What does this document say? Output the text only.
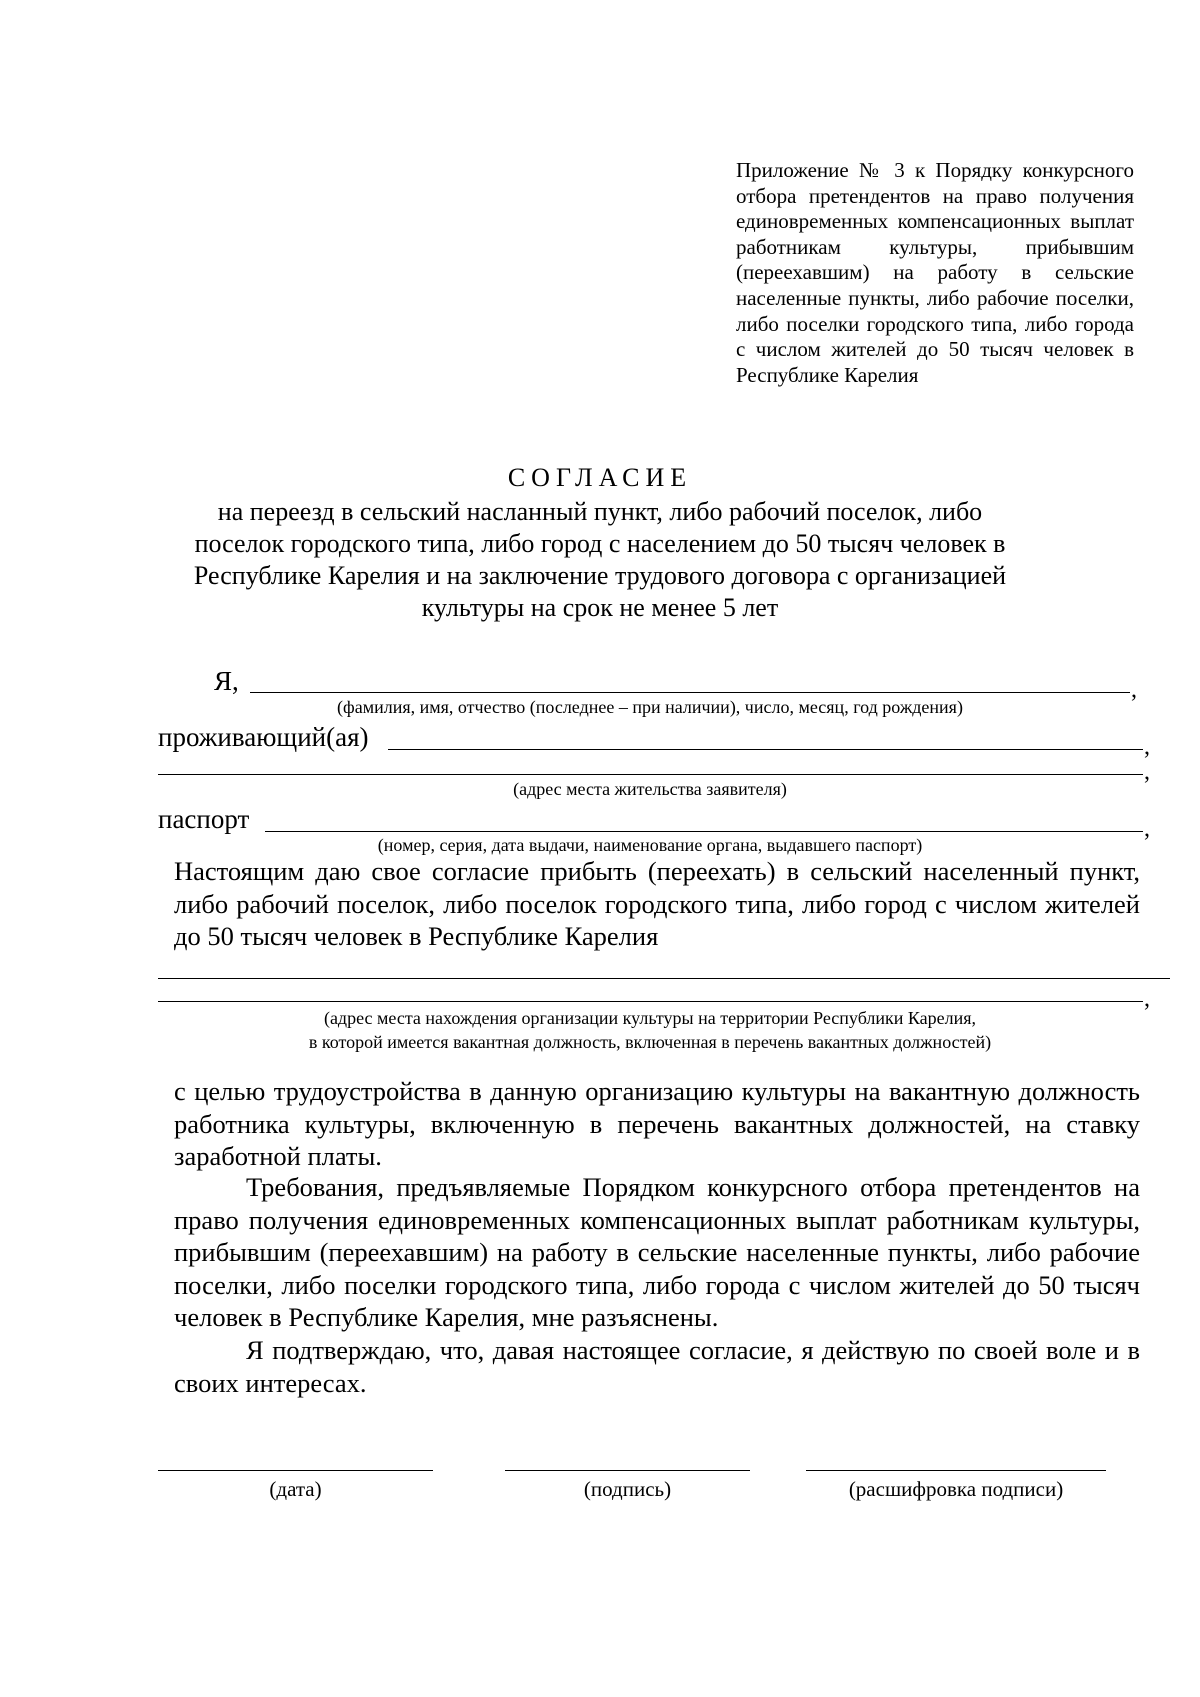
Приложение № 3 к Порядку конкурсного отбора претендентов на право получения единовременных компенсационных выплат работникам культуры, прибывшим (переехавшим) на работу в сельские населенные пункты, либо рабочие поселки, либо поселки городского типа, либо города с числом жителей до 50 тысяч человек в Республике Карелия
СОГЛАСИЕ
на переезд в сельский насланный пункт, либо рабочий поселок, либо
поселок городского типа, либо город с населением до 50 тысяч человек в
Республике Карелия и на заключение трудового договора с организацией
культуры на срок не менее 5 лет
Я,	,
(фамилия, имя, отчество (последнее – при наличии), число, месяц, год рождения)
проживающий(ая)	,
,
(адрес места жительства заявителя)
паспорт	,
(номер, серия, дата выдачи, наименование органа, выдавшего паспорт)
Настоящим даю свое согласие прибыть (переехать) в сельский населенный пункт, либо рабочий поселок, либо поселок городского типа, либо город с числом жителей до 50 тысяч человек в Республике Карелия
,
(адрес места нахождения организации культуры на территории Республики Карелия,
в которой имеется вакантная должность, включенная в перечень вакантных должностей)
с целью трудоустройства в данную организацию культуры на вакантную должность работника культуры, включенную в перечень вакантных должностей, на ставку заработной платы.
Требования, предъявляемые Порядком конкурсного отбора претендентов на право получения единовременных компенсационных выплат работникам культуры, прибывшим (переехавшим) на работу в сельские населенные пункты, либо рабочие поселки, либо поселки городского типа, либо города с числом жителей до 50 тысяч человек в Республике Карелия, мне разъяснены.
Я подтверждаю, что, давая настоящее согласие, я действую по своей воле и в своих интересах.
(дата)	(подпись)	(расшифровка подписи)
